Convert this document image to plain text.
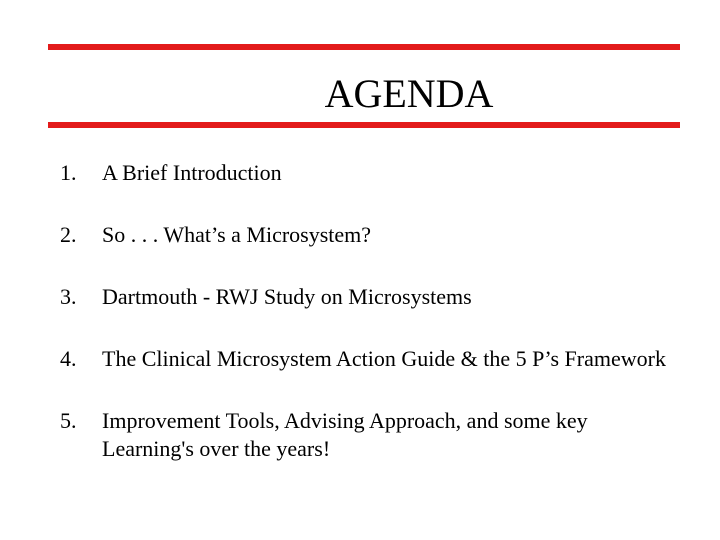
AGENDA
1. A Brief Introduction
2. So . . . What’s a Microsystem?
3. Dartmouth - RWJ Study on Microsystems
4. The Clinical Microsystem Action Guide & the 5 P’s Framework
5. Improvement Tools, Advising Approach, and some key Learning's over the years!
